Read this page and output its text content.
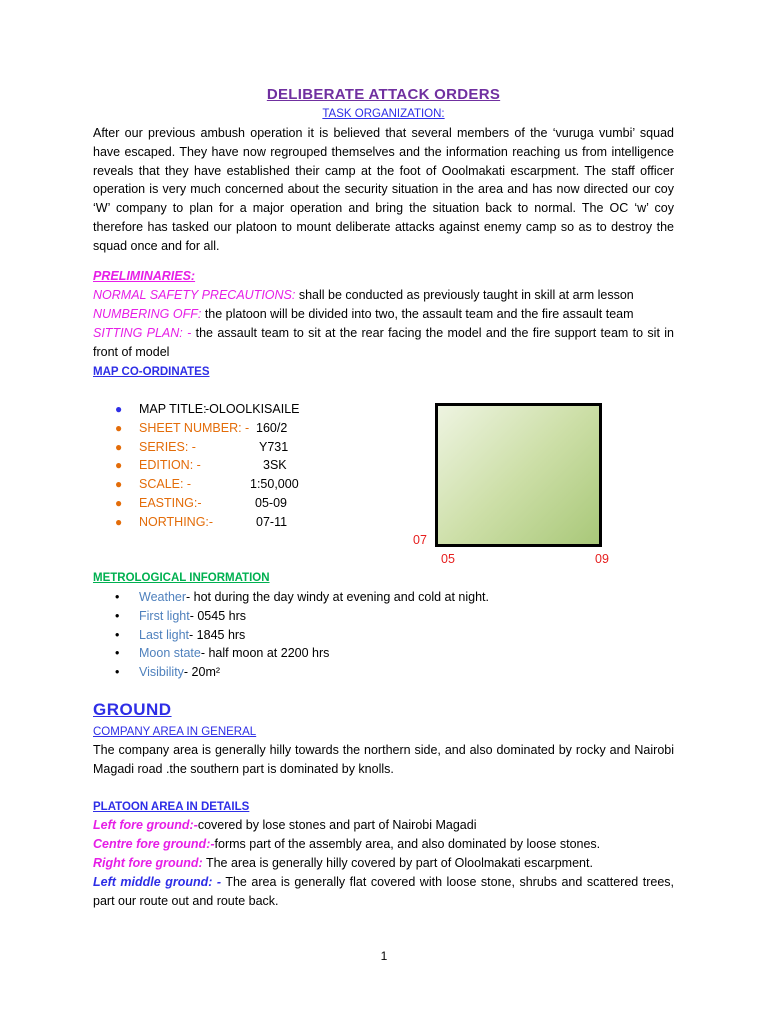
DELIBERATE ATTACK ORDERS
TASK ORGANIZATION:
After our previous ambush operation it is believed that several members of the ‘vuruga vumbi’ squad have escaped. They have now regrouped themselves and the information reaching us from intelligence reveals that they have established their camp at the foot of Ooolmakati escarpment. The staff officer operation is very much concerned about the security situation in the area and has now directed our coy ‘W’ company to plan for a major operation and bring the situation back to normal. The OC ‘w’ coy therefore has tasked our platoon to mount deliberate attacks against enemy camp so as to destroy the squad once and for all.
PRELIMINARIES:
NORMAL SAFETY PRECAUTIONS: shall be conducted as previously taught in skill at arm lesson
NUMBERING OFF: the platoon will be divided into two, the assault team and the fire assault team
SITTING PLAN: - the assault team to sit at the rear facing the model and the fire support team to sit in front of model
MAP CO-ORDINATES
● MAP TITLE:
-OLOOLKISAILE
● SHEET NUMBER: - 160/2
● SERIES: -	Y731
● EDITION: -	3SK
● SCALE: -	1:50,000
● EASTING:-	05-09
● NORTHING:-	07-11
METROLOGICAL INFORMATION
• Weather- hot during the day windy at evening and cold at night.
• First light- 0545 hrs
• Last light- 1845 hrs
• Moon state- half moon at 2200 hrs
• Visibility- 20m²
GROUND
COMPANY AREA IN GENERAL
The company area is generally hilly towards the northern side, and also dominated by rocky and Nairobi Magadi road .the southern part is dominated by knolls.
PLATOON AREA IN DETAILS
Left fore ground:-covered by lose stones and part of Nairobi Magadi
Centre fore ground:-forms part of the assembly area, and also dominated by loose stones.
Right fore ground: The area is generally hilly covered by part of Oloolmakati escarpment.
Left middle ground: - The area is generally flat covered with loose stone, shrubs and scattered trees, part our route out and route back.
07
05	09
1
